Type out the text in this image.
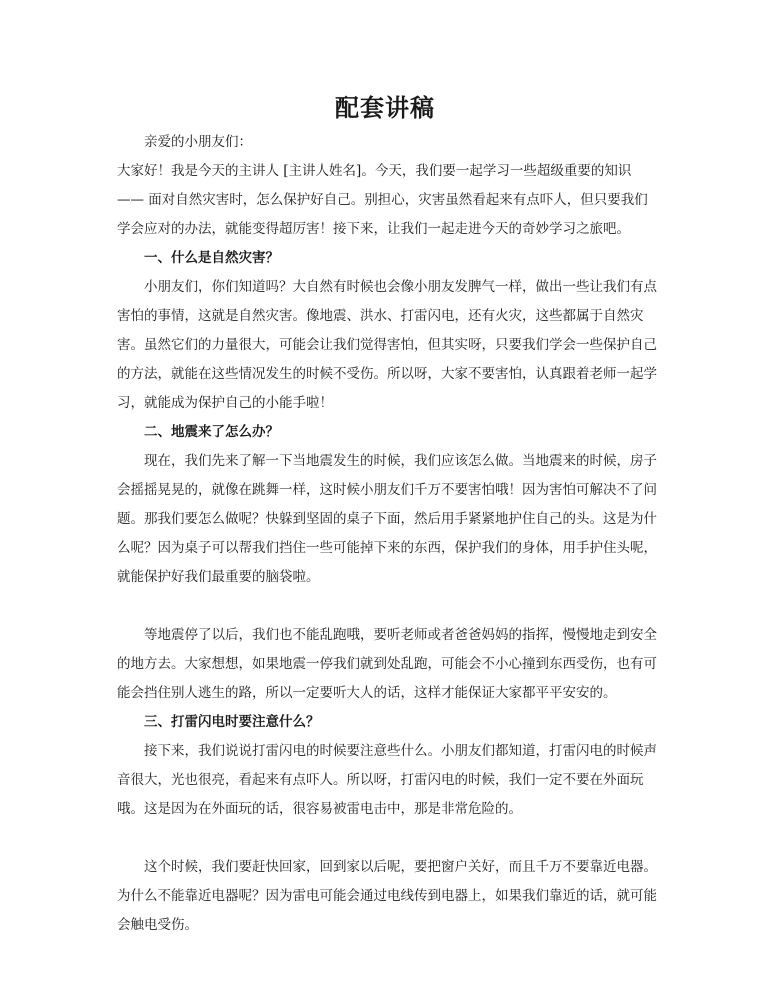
配套讲稿

亲爱的小朋友们：

大家好！我是今天的主讲人 [主讲人姓名]。今天，我们要一起学习一些超级重要的知识 —— 面对自然灾害时，怎么保护好自己。别担心，灾害虽然看起来有点吓人，但只要我们学会应对的办法，就能变得超厉害！接下来，让我们一起走进今天的奇妙学习之旅吧。

一、什么是自然灾害？

小朋友们，你们知道吗？大自然有时候也会像小朋友发脾气一样，做出一些让我们有点害怕的事情，这就是自然灾害。像地震、洪水、打雷闪电，还有火灾，这些都属于自然灾害。虽然它们的力量很大，可能会让我们觉得害怕，但其实呀，只要我们学会一些保护自己的方法，就能在这些情况发生的时候不受伤。所以呀，大家不要害怕，认真跟着老师一起学习，就能成为保护自己的小能手啦！

二、地震来了怎么办？

现在，我们先来了解一下当地震发生的时候，我们应该怎么做。当地震来的时候，房子会摇摇晃晃的，就像在跳舞一样，这时候小朋友们千万不要害怕哦！因为害怕可解决不了问题。那我们要怎么做呢？快躲到坚固的桌子下面，然后用手紧紧地护住自己的头。这是为什么呢？因为桌子可以帮我们挡住一些可能掉下来的东西，保护我们的身体，用手护住头呢，就能保护好我们最重要的脑袋啦。

等地震停了以后，我们也不能乱跑哦，要听老师或者爸爸妈妈的指挥，慢慢地走到安全的地方去。大家想想，如果地震一停我们就到处乱跑，可能会不小心撞到东西受伤，也有可能会挡住别人逃生的路，所以一定要听大人的话，这样才能保证大家都平平安安的。

三、打雷闪电时要注意什么？

接下来，我们说说打雷闪电的时候要注意些什么。小朋友们都知道，打雷闪电的时候声音很大，光也很亮，看起来有点吓人。所以呀，打雷闪电的时候，我们一定不要在外面玩哦。这是因为在外面玩的话，很容易被雷电击中，那是非常危险的。

这个时候，我们要赶快回家，回到家以后呢，要把窗户关好，而且千万不要靠近电器。为什么不能靠近电器呢？因为雷电可能会通过电线传到电器上，如果我们靠近的话，就可能会触电受伤。
